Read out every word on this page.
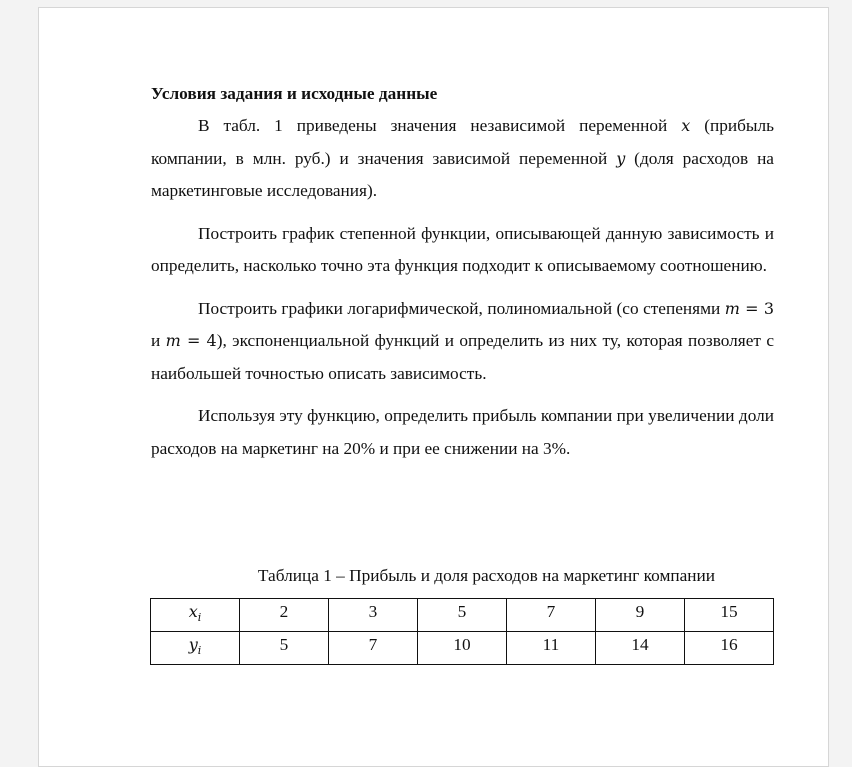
Условия задания и исходные данные

В табл. 1 приведены значения независимой переменной x (прибыль компании, в млн. руб.) и значения зависимой переменной y (доля расходов на маркетинговые исследования).

Построить график степенной функции, описывающей данную зависимость и определить, насколько точно эта функция подходит к описываемому соотношению.

Построить графики логарифмической, полиномиальной (со степенями m = 3 и m = 4), экспоненциальной функций и определить из них ту, которая позволяет с наибольшей точностью описать зависимость.

Используя эту функцию, определить прибыль компании при увеличении доли расходов на маркетинг на 20% и при ее снижении на 3%.

Таблица 1 – Прибыль и доля расходов на маркетинг компании

$x_i$	2	3	5	7	9	15
$y_i$	5	7	10	11	14	16
